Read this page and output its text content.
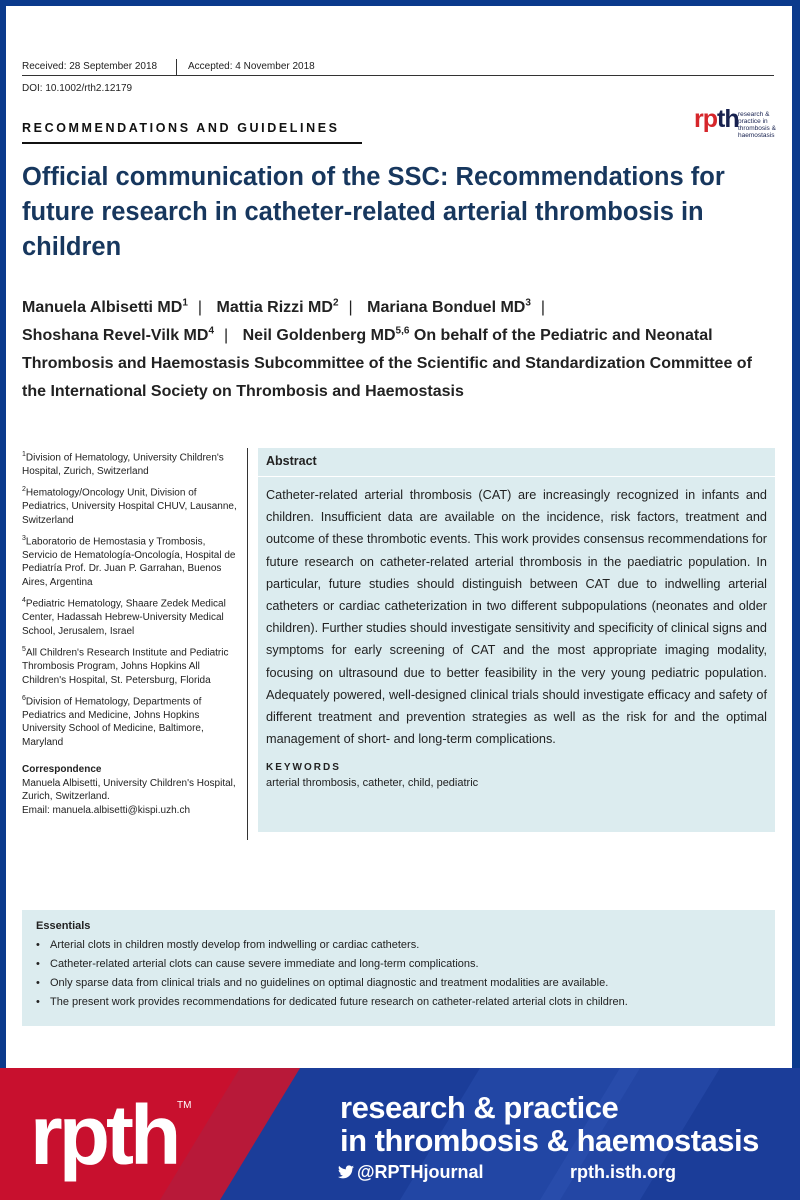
Received: 28 September 2018	Accepted: 4 November 2018
DOI: 10.1002/rth2.12179
RECOMMENDATIONS AND GUIDELINES	rpth research & practice in thrombosis & haemostasis
Official communication of the SSC: Recommendations for future research in catheter-related arterial thrombosis in children
Manuela Albisetti $MD^1$ | Mattia Rizzi $MD^2$ | Mariana Bonduel $MD^3$ |
Shoshana Revel-Vilk $MD^4$ | Neil Goldenberg MD$^{5,6}$ On behalf of the Pediatric and Neonatal Thrombosis and Haemostasis Subcommittee of the Scientific and Standardization Committee of the International Society on Thrombosis and Haemostasis
$^1$Division of Hematology, University Children's Hospital, Zurich, Switzerland
$^2$Hematology/Oncology Unit, Division of Pediatrics, University Hospital CHUV, Lausanne, Switzerland
$^3$Laboratorio de Hemostasia y Trombosis, Servicio de Hematología-Oncología, Hospital de Pediatría Prof. Dr. Juan P. Garrahan, Buenos Aires, Argentina
$^4$Pediatric Hematology, Shaare Zedek Medical Center, Hadassah Hebrew-University Medical School, Jerusalem, Israel
$^5$All Children's Research Institute and Pediatric Thrombosis Program, Johns Hopkins All Children's Hospital, St. Petersburg, Florida
$^6$Division of Hematology, Departments of Pediatrics and Medicine, Johns Hopkins University School of Medicine, Baltimore, Maryland
Correspondence
Manuela Albisetti, University Children's Hospital, Zurich, Switzerland.
Email: manuela.albisetti@kispi.uzh.ch
Abstract
Catheter-related arterial thrombosis (CAT) are increasingly recognized in infants and children. Insufficient data are available on the incidence, risk factors, treatment and outcome of these thrombotic events. This work provides consensus recommendations for future research on catheter-related arterial thrombosis in the paediatric population. In particular, future studies should distinguish between CAT due to indwelling arterial catheters or cardiac catheterization in two different subpopulations (neonates and older children). Further studies should investigate sensitivity and specificity of clinical signs and symptoms for early screening of CAT and the most appropriate imaging modality, focusing on ultrasound due to better feasibility in the very young pediatric population. Adequately powered, well-designed clinical trials should investigate efficacy and safety of different treatment and prevention strategies as well as the risk for and the optimal management of short- and long-term complications.
KEYWORDS
arterial thrombosis, catheter, child, pediatric
Essentials
• Arterial clots in children mostly develop from indwelling or cardiac catheters.
• Catheter-related arterial clots can cause severe immediate and long-term complications.
• Only sparse data from clinical trials and no guidelines on optimal diagnostic and treatment modalities are available.
• The present work provides recommendations for dedicated future research on catheter-related arterial clots in children.
rpth TM	research & practice
in thrombosis & haemostasis
@RPTHjournal	rpth.isth.org
